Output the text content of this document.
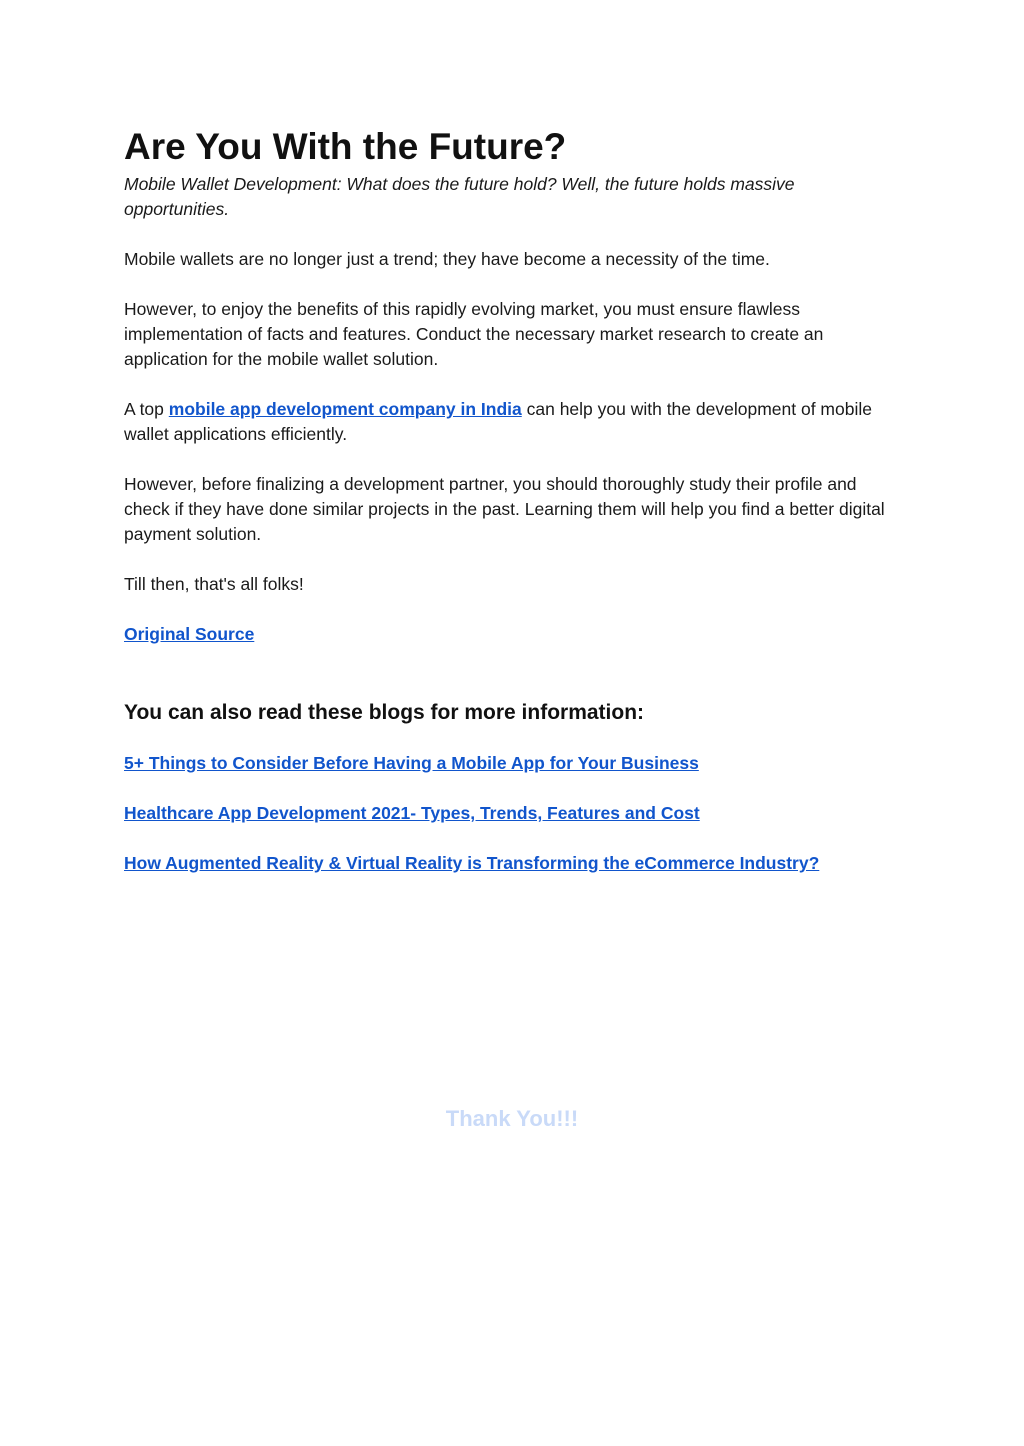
Are You With the Future?

Mobile Wallet Development: What does the future hold? Well, the future holds massive opportunities.

Mobile wallets are no longer just a trend; they have become a necessity of the time.

However, to enjoy the benefits of this rapidly evolving market, you must ensure flawless implementation of facts and features. Conduct the necessary market research to create an application for the mobile wallet solution.

A top mobile app development company in India can help you with the development of mobile wallet applications efficiently.

However, before finalizing a development partner, you should thoroughly study their profile and check if they have done similar projects in the past. Learning them will help you find a better digital payment solution.

Till then, that's all folks!

Original Source

You can also read these blogs for more information:

5+ Things to Consider Before Having a Mobile App for Your Business

Healthcare App Development 2021- Types, Trends, Features and Cost

How Augmented Reality & Virtual Reality is Transforming the eCommerce Industry?

Thank You!!!
